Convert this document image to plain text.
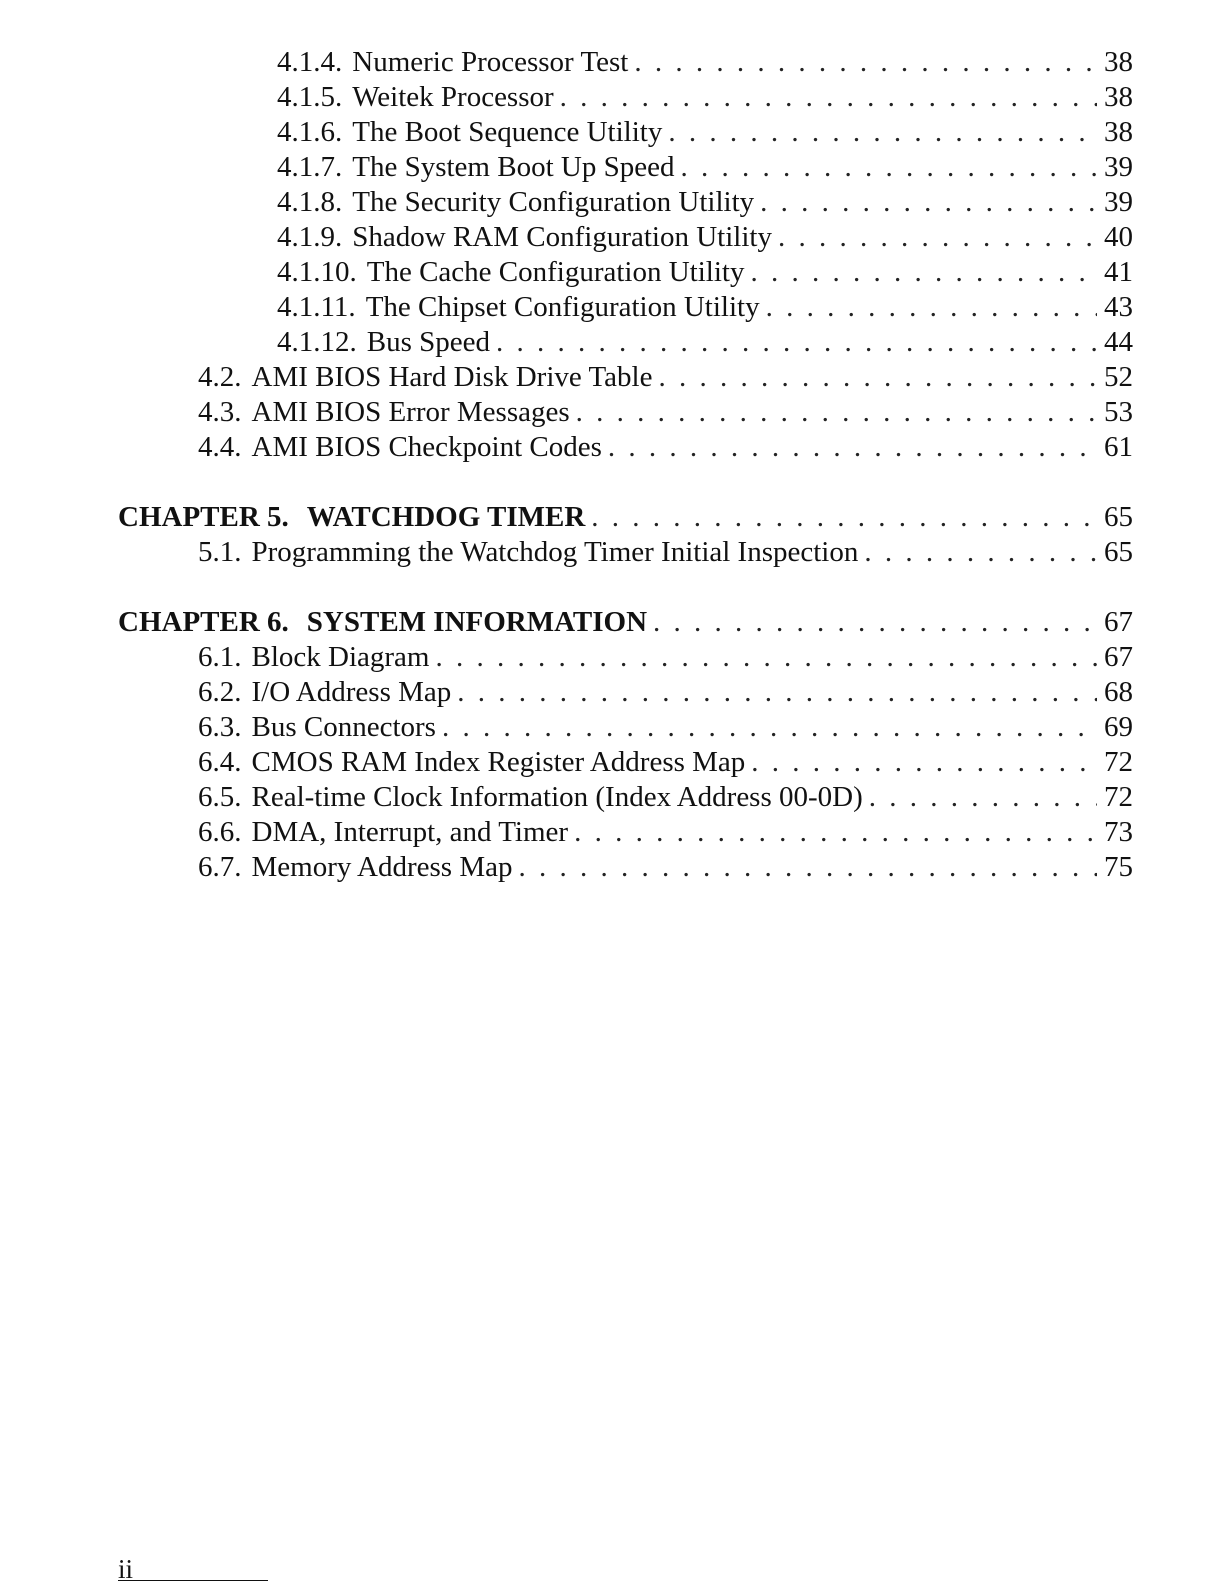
4.1.4. Numeric Processor Test . . .	38
4.1.5. Weitek Processor . . .	38
4.1.6. The Boot Sequence Utility . . .	38
4.1.7. The System Boot Up Speed . . .	39
4.1.8. The Security Configuration Utility . . .	39
4.1.9. Shadow RAM Configuration Utility . . .	40
4.1.10. The Cache Configuration Utility . . .	41
4.1.11. The Chipset Configuration Utility . . .	43
4.1.12. Bus Speed . . .	44
4.2. AMI BIOS Hard Disk Drive Table . . .	52
4.3. AMI BIOS Error Messages . . .	53
4.4. AMI BIOS Checkpoint Codes . . .	61
CHAPTER 5. WATCHDOG TIMER . . .	65
5.1. Programming the Watchdog Timer Initial Inspection . . .	65
CHAPTER 6. SYSTEM INFORMATION . . .	67
6.1. Block Diagram . . .	67
6.2. I/O Address Map . . .	68
6.3. Bus Connectors . . .	69
6.4. CMOS RAM Index Register Address Map . . .	72
6.5. Real-time Clock Information (Index Address 00-0D) . . .	72
6.6. DMA, Interrupt, and Timer . . .	73
6.7. Memory Address Map . . .	75
ii
